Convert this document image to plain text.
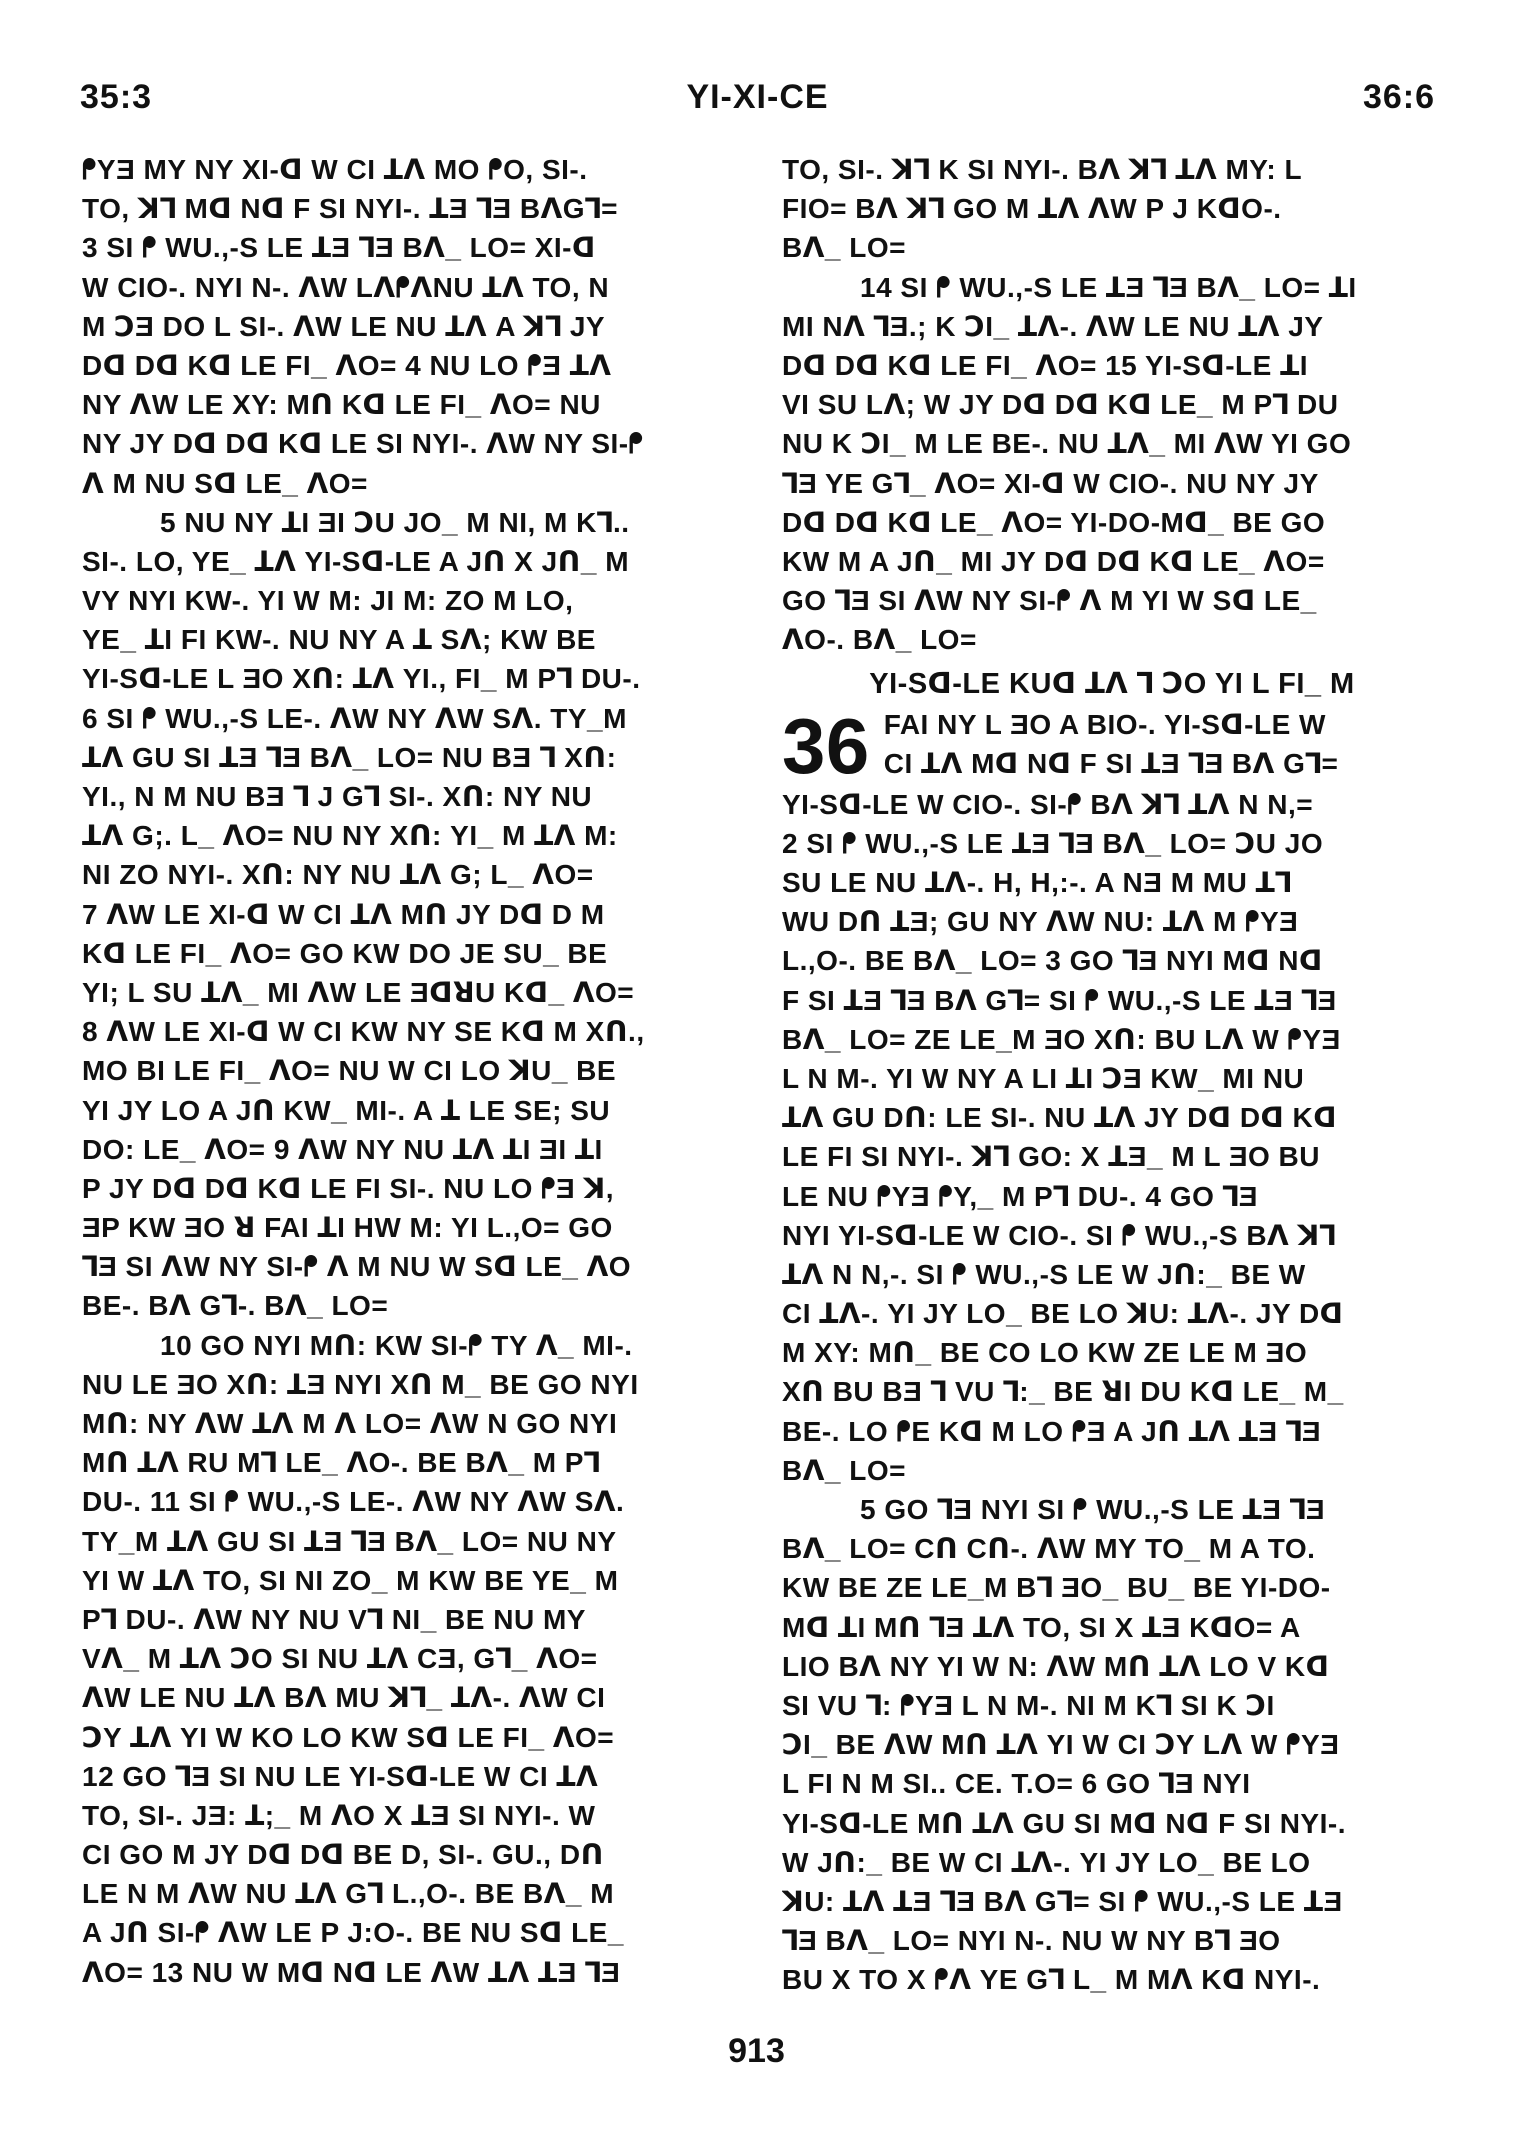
35:3	YI-XI-CE	36:6
ᖰYƎ MY NY XI-ꓷ W CI ꓕꓥ MO ᖰO, SI-.
TO, ꓘꓶ Mꓷ Nꓷ F SI NYI-. ꓕƎ ꓶƎ BꓥGꓶ=
3 SI ᖰ WU.,-S LE ꓕƎ ꓶƎ Bꓥ_ LO= XI-ꓷ
W CIO-. NYI N-. ꓥW LꓥᖰꓥNU ꓕꓥ TO, N
M ꓛƎ DO L SI-. ꓥW LE NU ꓕꓥ A ꓘꓶ JY
Dꓷ Dꓷ Kꓷ LE FI_ ꓥO= 4 NU LO ᖰƎ ꓕꓥ
NY ꓥW LE XY: Mꓵ Kꓷ LE FI_ ꓥO= NU
NY JY Dꓷ Dꓷ Kꓷ LE SI NYI-. ꓥW NY SI-ᖰ
ꓥ M NU Sꓷ LE_ ꓥO=
5 NU NY ꓕI ƎI ꓛU JO_ M NI, M Kꓶ..
SI-. LO, YE_ ꓕꓥ YI-Sꓷ-LE A Jꓵ X Jꓵ_ M
VY NYI KW-. YI W M: JI M: ZO M LO,
YE_ ꓕI FI KW-. NU NY A ꓕ Sꓥ; KW BE
YI-Sꓷ-LE L ƎO Xꓵ: ꓕꓥ YI., FI_ M Pꓶ DU-.
6 SI ᖰ WU.,-S LE-. ꓥW NY ꓥW Sꓥ. TY_M
ꓕꓥ GU SI ꓕƎ ꓶƎ Bꓥ_ LO= NU BƎ ꓶ Xꓵ:
YI., N M NU BƎ ꓶ J Gꓶ SI-. Xꓵ: NY NU
ꓕꓥ G;. L_ ꓥO= NU NY Xꓵ: YI_ M ꓕꓥ M:
NI ZO NYI-. Xꓵ: NY NU ꓕꓥ G; L_ ꓥO=
7 ꓥW LE XI-ꓷ W CI ꓕꓥ Mꓵ JY Dꓷ D M
Kꓷ LE FI_ ꓥO= GO KW DO JE SU_ BE
YI; L SU ꓕꓥ_ MI ꓥW LE ƎꓷꓤU Kꓷ_ ꓥO=
8 ꓥW LE XI-ꓷ W CI KW NY SE Kꓷ M Xꓵ.,
MO BI LE FI_ ꓥO= NU W CI LO ꓘU_ BE
YI JY LO A Jꓵ KW_ MI-. A ꓕ LE SE; SU
DO: LE_ ꓥO= 9 ꓥW NY NU ꓕꓥ ꓕI ƎI ꓕI
P JY Dꓷ Dꓷ Kꓷ LE FI SI-. NU LO ᖰƎ ꓘ,
ƎP KW ƎO ꓤ FAI ꓕI HW M: YI L.,O= GO
ꓶƎ SI ꓥW NY SI-ᖰ ꓥ M NU W Sꓷ LE_ ꓥO
BE-. Bꓥ Gꓶ-. Bꓥ_ LO=
10 GO NYI Mꓵ: KW SI-ᖰ TY ꓥ_ MI-.
NU LE ƎO Xꓵ: ꓕƎ NYI Xꓵ M_ BE GO NYI
Mꓵ: NY ꓥW ꓕꓥ M ꓥ LO= ꓥW N GO NYI
Mꓵ ꓕꓥ RU Mꓶ LE_ ꓥO-. BE Bꓥ_ M Pꓶ
DU-. 11 SI ᖰ WU.,-S LE-. ꓥW NY ꓥW Sꓥ.
TY_M ꓕꓥ GU SI ꓕƎ ꓶƎ Bꓥ_ LO= NU NY
YI W ꓕꓥ TO, SI NI ZO_ M KW BE YE_ M
Pꓶ DU-. ꓥW NY NU Vꓶ NI_ BE NU MY
Vꓥ_ M ꓕꓥ ꓛO SI NU ꓕꓥ CƎ, Gꓶ_ ꓥO=
ꓥW LE NU ꓕꓥ Bꓥ MU ꓘꓶ_ ꓕꓥ-. ꓥW CI
ꓛY ꓕꓥ YI W KO LO KW Sꓷ LE FI_ ꓥO=
12 GO ꓶƎ SI NU LE YI-Sꓷ-LE W CI ꓕꓥ
TO, SI-. JƎ: ꓕ;_ M ꓥO X ꓕƎ SI NYI-. W
CI GO M JY Dꓷ Dꓷ BE D, SI-. GU., Dꓵ
LE N M ꓥW NU ꓕꓥ Gꓶ L.,O-. BE Bꓥ_ M
A Jꓵ SI-ᖰ ꓥW LE P J:O-. BE NU Sꓷ LE_
ꓥO= 13 NU W Mꓷ Nꓷ LE ꓥW ꓕꓥ ꓕƎ ꓶƎ
TO, SI-. ꓘꓶ K SI NYI-. Bꓥ ꓘꓶ ꓕꓥ MY: L
FIO= Bꓥ ꓘꓶ GO M ꓕꓥ ꓥW P J KꓷO-.
Bꓥ_ LO=
14 SI ᖰ WU.,-S LE ꓕƎ ꓶƎ Bꓥ_ LO= ꓕI
MI Nꓥ ꓶƎ.; K ꓛI_ ꓕꓥ-. ꓥW LE NU ꓕꓥ JY
Dꓷ Dꓷ Kꓷ LE FI_ ꓥO= 15 YI-Sꓷ-LE ꓕI
VI SU Lꓥ; W JY Dꓷ Dꓷ Kꓷ LE_ M Pꓶ DU
NU K ꓛI_ M LE BE-. NU ꓕꓥ_ MI ꓥW YI GO
ꓶƎ YE Gꓶ_ ꓥO= XI-ꓷ W CIO-. NU NY JY
Dꓷ Dꓷ Kꓷ LE_ ꓥO= YI-DO-Mꓷ_ BE GO
KW M A Jꓵ_ MI JY Dꓷ Dꓷ Kꓷ LE_ ꓥO=
GO ꓶƎ SI ꓥW NY SI-ᖰ ꓥ M YI W Sꓷ LE_
ꓥO-. Bꓥ_ LO=
YI-Sꓷ-LE KUꓷ ꓕꓥ ꓶ ꓛO YI L FI_ M
36 FAI NY L ƎO A BIO-. YI-Sꓷ-LE W
CI ꓕꓥ Mꓷ Nꓷ F SI ꓕƎ ꓶƎ Bꓥ Gꓶ=
YI-Sꓷ-LE W CIO-. SI-ᖰ Bꓥ ꓘꓶ ꓕꓥ N N,=
2 SI ᖰ WU.,-S LE ꓕƎ ꓶƎ Bꓥ_ LO= ꓛU JO
SU LE NU ꓕꓥ-. H, H,:-. A NƎ M MU ꓕꓶ
WU Dꓵ ꓕƎ; GU NY ꓥW NU: ꓕꓥ M ᖰYƎ
L.,O-. BE Bꓥ_ LO= 3 GO ꓶƎ NYI Mꓷ Nꓷ
F SI ꓕƎ ꓶƎ Bꓥ Gꓶ= SI ᖰ WU.,-S LE ꓕƎ ꓶƎ
Bꓥ_ LO= ZE LE_M ƎO Xꓵ: BU Lꓥ W ᖰYƎ
L N M-. YI W NY A LI ꓕI ꓛƎ KW_ MI NU
ꓕꓥ GU Dꓵ: LE SI-. NU ꓕꓥ JY Dꓷ Dꓷ Kꓷ
LE FI SI NYI-. ꓘꓶ GO: X ꓕƎ_ M L ƎO BU
LE NU ᖰYƎ ᖰY,_ M Pꓶ DU-. 4 GO ꓶƎ
NYI YI-Sꓷ-LE W CIO-. SI ᖰ WU.,-S Bꓥ ꓘꓶ
ꓕꓥ N N,-. SI ᖰ WU.,-S LE W Jꓵ:_ BE W
CI ꓕꓥ-. YI JY LO_ BE LO ꓘU: ꓕꓥ-. JY Dꓷ
M XY: Mꓵ_ BE CO LO KW ZE LE M ƎO
Xꓵ BU BƎ ꓶ VU ꓶ:_ BE ꓤI DU Kꓷ LE_ M_
BE-. LO ᖰE Kꓷ M LO ᖰƎ A Jꓵ ꓕꓥ ꓕƎ ꓶƎ
Bꓥ_ LO=
5 GO ꓶƎ NYI SI ᖰ WU.,-S LE ꓕƎ ꓶƎ
Bꓥ_ LO= Cꓵ Cꓵ-. ꓥW MY TO_ M A TO.
KW BE ZE LE_M Bꓶ ƎO_ BU_ BE YI-DO-
Mꓷ ꓕI Mꓵ ꓶƎ ꓕꓥ TO, SI X ꓕƎ KꓷO= A
LIO Bꓥ NY YI W N: ꓥW Mꓵ ꓕꓥ LO V Kꓷ
SI VU ꓶ: ᖰYƎ L N M-. NI M Kꓶ SI K ꓛI
ꓛI_ BE ꓥW Mꓵ ꓕꓥ YI W CI ꓛY Lꓥ W ᖰYƎ
L FI N M SI.. CE. T.O= 6 GO ꓶƎ NYI
YI-Sꓷ-LE Mꓵ ꓕꓥ GU SI Mꓷ Nꓷ F SI NYI-.
W Jꓵ:_ BE W CI ꓕꓥ-. YI JY LO_ BE LO
ꓘU: ꓕꓥ ꓕƎ ꓶƎ Bꓥ Gꓶ= SI ᖰ WU.,-S LE ꓕƎ
ꓶƎ Bꓥ_ LO= NYI N-. NU W NY Bꓶ ƎO
BU X TO X ᖰꓥ YE Gꓶ L_ M Mꓥ Kꓷ NYI-.
913
